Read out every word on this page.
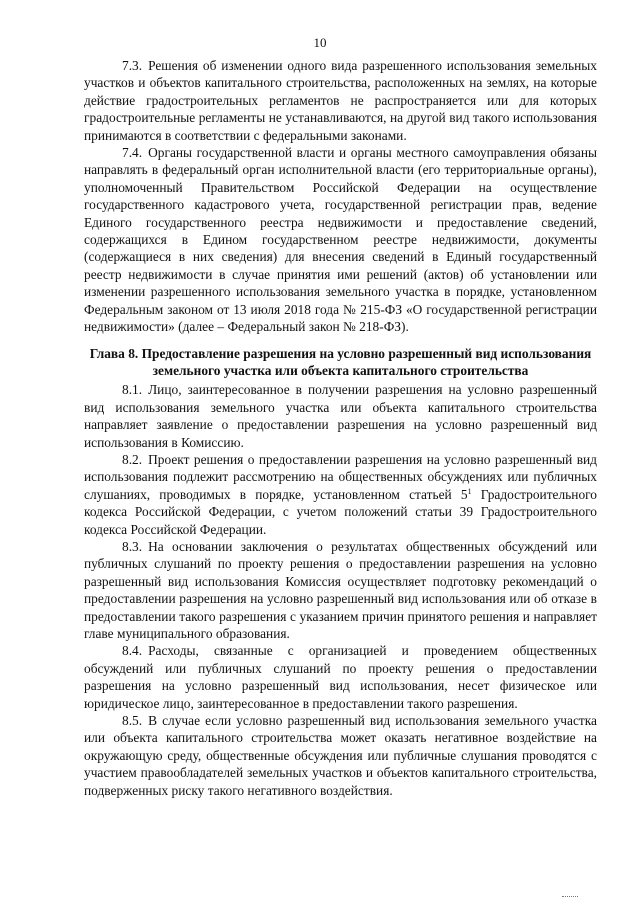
10

7.3. Решения об изменении одного вида разрешенного использования земельных участков и объектов капитального строительства, расположенных на землях, на которые действие градостроительных регламентов не распространяется или для которых градостроительные регламенты не устанавливаются, на другой вид такого использования принимаются в соответствии с федеральными законами.

7.4. Органы государственной власти и органы местного самоуправления обязаны направлять в федеральный орган исполнительной власти (его территориальные органы), уполномоченный Правительством Российской Федерации на осуществление государственного кадастрового учета, государственной регистрации прав, ведение Единого государственного реестра недвижимости и предоставление сведений, содержащихся в Едином государственном реестре недвижимости, документы (содержащиеся в них сведения) для внесения сведений в Единый государственный реестр недвижимости в случае принятия ими решений (актов) об установлении или изменении разрешенного использования земельного участка в порядке, установленном Федеральным законом от 13 июля 2018 года № 215-ФЗ «О государственной регистрации недвижимости» (далее – Федеральный закон № 218-ФЗ).

Глава 8. Предоставление разрешения на условно разрешенный вид использования земельного участка или объекта капитального строительства

8.1. Лицо, заинтересованное в получении разрешения на условно разрешенный вид использования земельного участка или объекта капитального строительства направляет заявление о предоставлении разрешения на условно разрешенный вид использования в Комиссию.

8.2. Проект решения о предоставлении разрешения на условно разрешенный вид использования подлежит рассмотрению на общественных обсуждениях или публичных слушаниях, проводимых в порядке, установленном статьей $5^1$ Градостроительного кодекса Российской Федерации, с учетом положений статьи 39 Градостроительного кодекса Российской Федерации.

8.3. На основании заключения о результатах общественных обсуждений или публичных слушаний по проекту решения о предоставлении разрешения на условно разрешенный вид использования Комиссия осуществляет подготовку рекомендаций о предоставлении разрешения на условно разрешенный вид использования или об отказе в предоставлении такого разрешения с указанием причин принятого решения и направляет главе муниципального образования.

8.4. Расходы, связанные с организацией и проведением общественных обсуждений или публичных слушаний по проекту решения о предоставлении разрешения на условно разрешенный вид использования, несет физическое или юридическое лицо, заинтересованное в предоставлении такого разрешения.

8.5. В случае если условно разрешенный вид использования земельного участка или объекта капитального строительства может оказать негативное воздействие на окружающую среду, общественные обсуждения или публичные слушания проводятся с участием правообладателей земельных участков и объектов капитального строительства, подверженных риску такого негативного воздействия.
